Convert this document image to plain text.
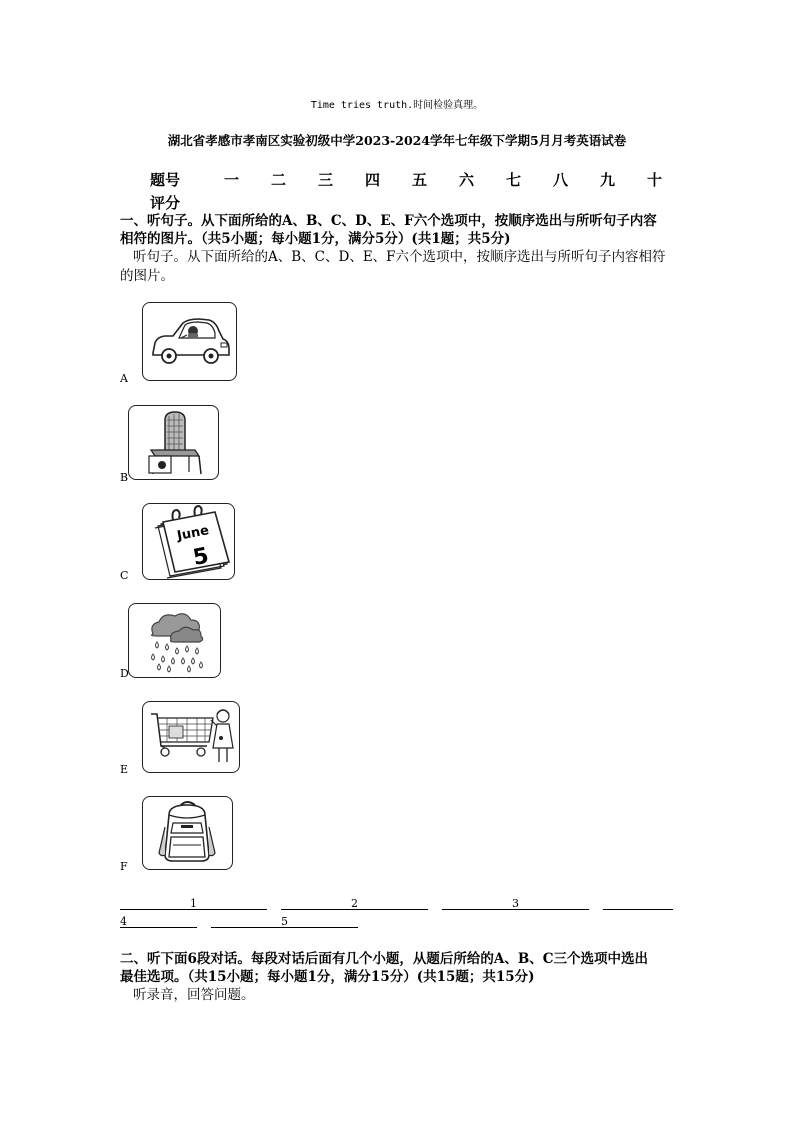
Time tries truth.时间检验真理。
湖北省孝感市孝南区实验初级中学2023-2024学年七年级下学期5月月考英语试卷
题号	一	二	三	四	五	六	七	八	九	十
评分
一、听句子。从下面所给的A、B、C、D、E、F六个选项中，按顺序选出与所听句子内容
相符的图片。（共5小题；每小题1分，满分5分）(共1题；共5分)
听句子。从下面所给的A、B、C、D、E、F六个选项中，按顺序选出与所听句子内容相符
的图片。
A
B
June
5
C
D
E
F
1	2	3
4	5
二、听下面6段对话。每段对话后面有几个小题，从题后所给的A、B、C三个选项中选出
最佳选项。（共15小题；每小题1分，满分15分）(共15题；共15分)
听录音，回答问题。
